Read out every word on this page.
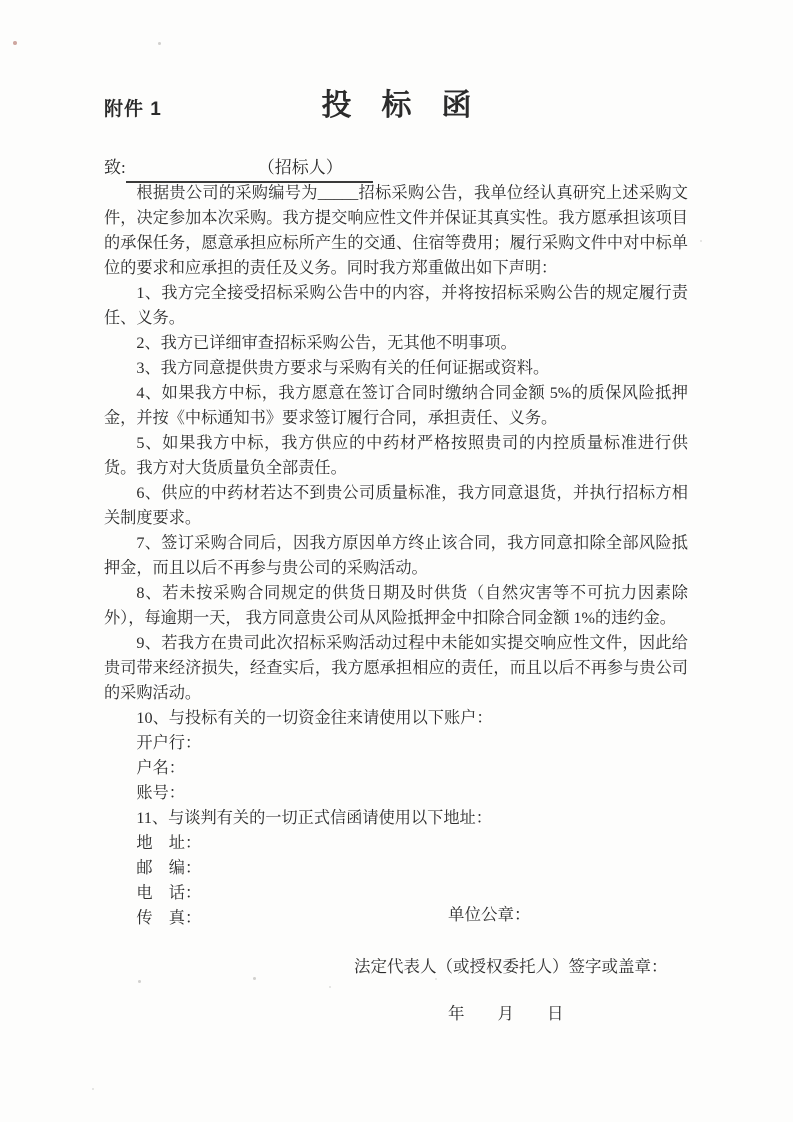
附件 1	投　标　函
致:	（招标人）

根据贵公司的采购编号为_____招标采购公告，我单位经认真研究上述采购文件，决定参加本次采购。我方提交响应性文件并保证其真实性。我方愿承担该项目的承保任务，愿意承担应标所产生的交通、住宿等费用；履行采购文件中对中标单位的要求和应承担的责任及义务。同时我方郑重做出如下声明：

1、我方完全接受招标采购公告中的内容，并将按招标采购公告的规定履行责任、义务。

2、我方已详细审查招标采购公告，无其他不明事项。

3、我方同意提供贵方要求与采购有关的任何证据或资料。

4、如果我方中标，我方愿意在签订合同时缴纳合同金额 5%的质保风险抵押金，并按《中标通知书》要求签订履行合同，承担责任、义务。

5、如果我方中标，我方供应的中药材严格按照贵司的内控质量标准进行供货。我方对大货质量负全部责任。

6、供应的中药材若达不到贵公司质量标准，我方同意退货，并执行招标方相关制度要求。

7、签订采购合同后，因我方原因单方终止该合同，我方同意扣除全部风险抵押金，而且以后不再参与贵公司的采购活动。

8、若未按采购合同规定的供货日期及时供货（自然灾害等不可抗力因素除外），每逾期一天， 我方同意贵公司从风险抵押金中扣除合同金额 1%的违约金。

9、若我方在贵司此次招标采购活动过程中未能如实提交响应性文件，因此给贵司带来经济损失，经查实后，我方愿承担相应的责任，而且以后不再参与贵公司的采购活动。

10、与投标有关的一切资金往来请使用以下账户：

开户行：

户名：

账号：

11、与谈判有关的一切正式信函请使用以下地址：

地　址：

邮　编：

电　话：

传　真：	单位公章：
法定代表人（或授权委托人）签字或盖章：
年　　月　　日
